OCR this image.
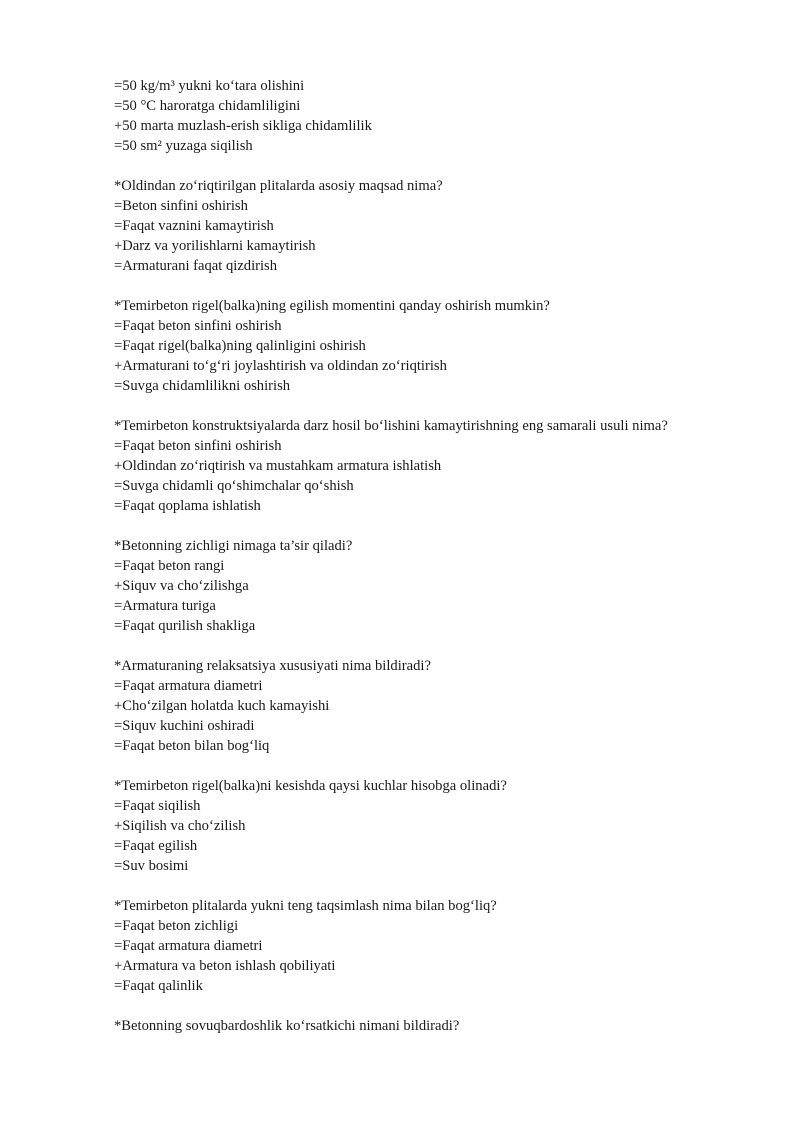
=50 kg/m³ yukni ko‘tara olishini
=50 °C haroratga chidamliligini
+50 marta muzlash-erish sikliga chidamlilik
=50 sm² yuzaga siqilish
*Oldindan zo‘riqtirilgan plitalarda asosiy maqsad nima?
=Beton sinfini oshirish
=Faqat vaznini kamaytirish
+Darz va yorilishlarni kamaytirish
=Armaturani faqat qizdirish
*Temirbeton rigel(balka)ning egilish momentini qanday oshirish mumkin?
=Faqat beton sinfini oshirish
=Faqat rigel(balka)ning qalinligini oshirish
+Armaturani to‘g‘ri joylashtirish va oldindan zo‘riqtirish
=Suvga chidamlilikni oshirish
*Temirbeton konstruktsiyalarda darz hosil bo‘lishini kamaytirishning eng samarali usuli nima?
=Faqat beton sinfini oshirish
+Oldindan zo‘riqtirish va mustahkam armatura ishlatish
=Suvga chidamli qo‘shimchalar qo‘shish
=Faqat qoplama ishlatish
*Betonning zichligi nimaga ta’sir qiladi?
=Faqat beton rangi
+Siquv va cho‘zilishga
=Armatura turiga
=Faqat qurilish shakliga
*Armaturaning relaksatsiya xususiyati nima bildiradi?
=Faqat armatura diametri
+Cho‘zilgan holatda kuch kamayishi
=Siquv kuchini oshiradi
=Faqat beton bilan bog‘liq
*Temirbeton rigel(balka)ni kesishda qaysi kuchlar hisobga olinadi?
=Faqat siqilish
+Siqilish va cho‘zilish
=Faqat egilish
=Suv bosimi
*Temirbeton plitalarda yukni teng taqsimlash nima bilan bog‘liq?
=Faqat beton zichligi
=Faqat armatura diametri
+Armatura va beton ishlash qobiliyati
=Faqat qalinlik
*Betonning sovuqbardoshlik ko‘rsatkichi nimani bildiradi?
